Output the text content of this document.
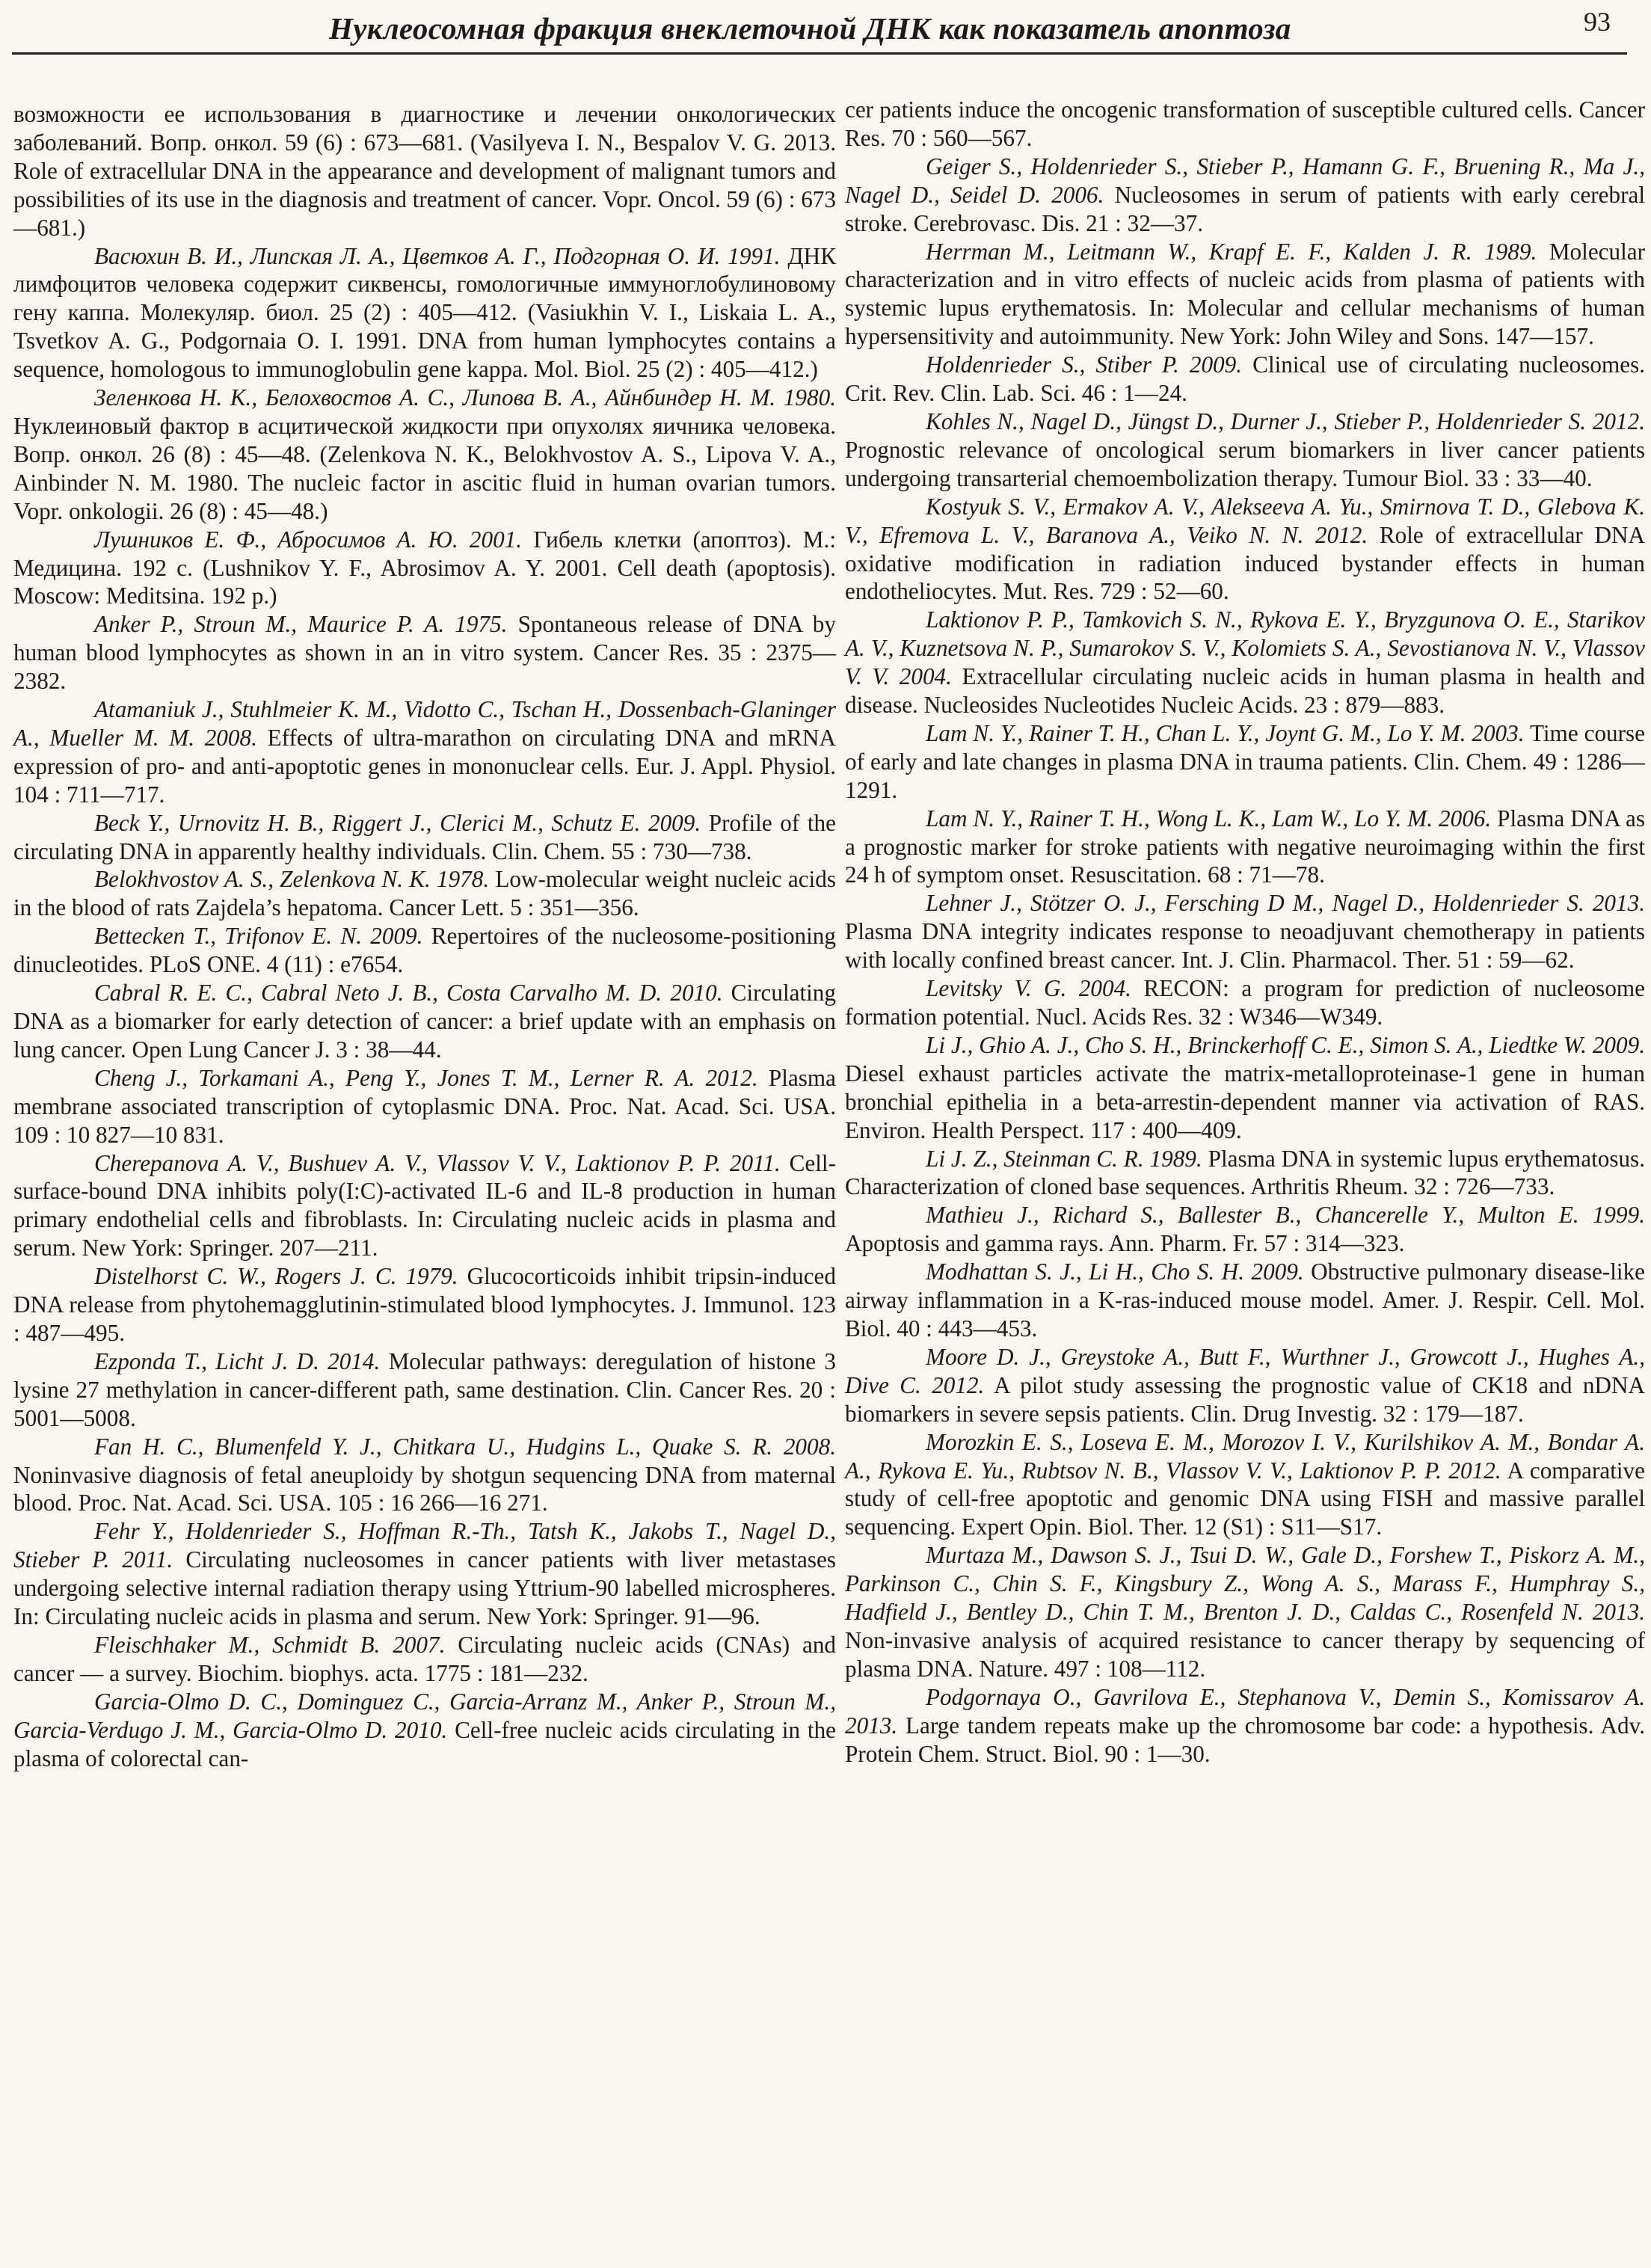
Нуклеосомная фракция внеклеточной ДНК как показатель апоптоза	93

возможности ее использования в диагностике и лечении онкологических заболеваний. Вопр. онкол. 59 (6) : 673—681. (Vasilyeva I. N., Bespalov V. G. 2013. Role of extracellular DNA in the appearance and development of malignant tumors and possibilities of its use in the diagnosis and treatment of cancer. Vopr. Oncol. 59 (6) : 673—681.)

Васюхин В. И., Липская Л. А., Цветков А. Г., Подгорная О. И. 1991. ДНК лимфоцитов человека содержит сиквенсы, гомологичные иммуноглобулиновому гену каппа. Молекуляр. биол. 25 (2) : 405—412. (Vasiukhin V. I., Liskaia L. A., Tsvetkov A. G., Podgornaia O. I. 1991. DNA from human lymphocytes contains a sequence, homologous to immunoglobulin gene kappa. Mol. Biol. 25 (2) : 405—412.)

Зеленкова Н. К., Белохвостов А. С., Липова В. А., Айнбиндер Н. М. 1980. Нуклеиновый фактор в асцитической жидкости при опухолях яичника человека. Вопр. онкол. 26 (8) : 45—48. (Zelenkova N. K., Belokhvostov A. S., Lipova V. A., Ainbinder N. M. 1980. The nucleic factor in ascitic fluid in human ovarian tumors. Vopr. onkologii. 26 (8) : 45—48.)

Лушников Е. Ф., Абросимов А. Ю. 2001. Гибель клетки (апоптоз). М.: Медицина. 192 с. (Lushnikov Y. F., Abrosimov A. Y. 2001. Cell death (apoptosis). Moscow: Meditsina. 192 p.)

Anker P., Stroun M., Maurice P. A. 1975. Spontaneous release of DNA by human blood lymphocytes as shown in an in vitro system. Cancer Res. 35 : 2375—2382.

Atamaniuk J., Stuhlmeier K. M., Vidotto C., Tschan H., Dossenbach-Glaninger A., Mueller M. M. 2008. Effects of ultra-marathon on circulating DNA and mRNA expression of pro- and anti-apoptotic genes in mononuclear cells. Eur. J. Appl. Physiol. 104 : 711—717.

Beck Y., Urnovitz H. B., Riggert J., Clerici M., Schutz E. 2009. Profile of the circulating DNA in apparently healthy individuals. Clin. Chem. 55 : 730—738.

Belokhvostov A. S., Zelenkova N. K. 1978. Low-molecular weight nucleic acids in the blood of rats Zajdela’s hepatoma. Cancer Lett. 5 : 351—356.

Bettecken T., Trifonov E. N. 2009. Repertoires of the nucleosome-positioning dinucleotides. PLoS ONE. 4 (11) : e7654.

Cabral R. E. C., Cabral Neto J. B., Costa Carvalho M. D. 2010. Circulating DNA as a biomarker for early detection of cancer: a brief update with an emphasis on lung cancer. Open Lung Cancer J. 3 : 38—44.

Cheng J., Torkamani A., Peng Y., Jones T. M., Lerner R. A. 2012. Plasma membrane associated transcription of cytoplasmic DNA. Proc. Nat. Acad. Sci. USA. 109 : 10 827—10 831.

Cherepanova A. V., Bushuev A. V., Vlassov V. V., Laktionov P. P. 2011. Cell-surface-bound DNA inhibits poly(I:C)-activated IL-6 and IL-8 production in human primary endothelial cells and fibroblasts. In: Circulating nucleic acids in plasma and serum. New York: Springer. 207—211.

Distelhorst C. W., Rogers J. C. 1979. Glucocorticoids inhibit tripsin-induced DNA release from phytohemagglutinin-stimulated blood lymphocytes. J. Immunol. 123 : 487—495.

Ezponda T., Licht J. D. 2014. Molecular pathways: deregulation of histone 3 lysine 27 methylation in cancer-different path, same destination. Clin. Cancer Res. 20 : 5001—5008.

Fan H. C., Blumenfeld Y. J., Chitkara U., Hudgins L., Quake S. R. 2008. Noninvasive diagnosis of fetal aneuploidy by shotgun sequencing DNA from maternal blood. Proc. Nat. Acad. Sci. USA. 105 : 16 266—16 271.

Fehr Y., Holdenrieder S., Hoffman R.-Th., Tatsh K., Jakobs T., Nagel D., Stieber P. 2011. Circulating nucleosomes in cancer patients with liver metastases undergoing selective internal radiation therapy using Yttrium-90 labelled microspheres. In: Circulating nucleic acids in plasma and serum. New York: Springer. 91—96.

Fleischhaker M., Schmidt B. 2007. Circulating nucleic acids (CNAs) and cancer — a survey. Biochim. biophys. acta. 1775 : 181—232.

Garcia-Olmo D. C., Dominguez C., Garcia-Arranz M., Anker P., Stroun M., Garcia-Verdugo J. M., Garcia-Olmo D. 2010. Cell-free nucleic acids circulating in the plasma of colorectal can-

cer patients induce the oncogenic transformation of susceptible cultured cells. Cancer Res. 70 : 560—567.

Geiger S., Holdenrieder S., Stieber P., Hamann G. F., Bruening R., Ma J., Nagel D., Seidel D. 2006. Nucleosomes in serum of patients with early cerebral stroke. Cerebrovasc. Dis. 21 : 32—37.

Herrman M., Leitmann W., Krapf E. F., Kalden J. R. 1989. Molecular characterization and in vitro effects of nucleic acids from plasma of patients with systemic lupus erythematosis. In: Molecular and cellular mechanisms of human hypersensitivity and autoimmunity. New York: John Wiley and Sons. 147—157.

Holdenrieder S., Stiber P. 2009. Clinical use of circulating nucleosomes. Crit. Rev. Clin. Lab. Sci. 46 : 1—24.

Kohles N., Nagel D., Jüngst D., Durner J., Stieber P., Holdenrieder S. 2012. Prognostic relevance of oncological serum biomarkers in liver cancer patients undergoing transarterial chemoembolization therapy. Tumour Biol. 33 : 33—40.

Kostyuk S. V., Ermakov A. V., Alekseeva A. Yu., Smirnova T. D., Glebova K. V., Efremova L. V., Baranova A., Veiko N. N. 2012. Role of extracellular DNA oxidative modification in radiation induced bystander effects in human endotheliocytes. Mut. Res. 729 : 52—60.

Laktionov P. P., Tamkovich S. N., Rykova E. Y., Bryzgunova O. E., Starikov A. V., Kuznetsova N. P., Sumarokov S. V., Kolomiets S. A., Sevostianova N. V., Vlassov V. V. 2004. Extracellular circulating nucleic acids in human plasma in health and disease. Nucleosides Nucleotides Nucleic Acids. 23 : 879—883.

Lam N. Y., Rainer T. H., Chan L. Y., Joynt G. M., Lo Y. M. 2003. Time course of early and late changes in plasma DNA in trauma patients. Clin. Chem. 49 : 1286—1291.

Lam N. Y., Rainer T. H., Wong L. K., Lam W., Lo Y. M. 2006. Plasma DNA as a prognostic marker for stroke patients with negative neuroimaging within the first 24 h of symptom onset. Resuscitation. 68 : 71—78.

Lehner J., Stötzer O. J., Fersching D M., Nagel D., Holdenrieder S. 2013. Plasma DNA integrity indicates response to neoadjuvant chemotherapy in patients with locally confined breast cancer. Int. J. Clin. Pharmacol. Ther. 51 : 59—62.

Levitsky V. G. 2004. RECON: a program for prediction of nucleosome formation potential. Nucl. Acids Res. 32 : W346—W349.

Li J., Ghio A. J., Cho S. H., Brinckerhoff C. E., Simon S. A., Liedtke W. 2009. Diesel exhaust particles activate the matrix-metalloproteinase-1 gene in human bronchial epithelia in a beta-arrestin-dependent manner via activation of RAS. Environ. Health Perspect. 117 : 400—409.

Li J. Z., Steinman C. R. 1989. Plasma DNA in systemic lupus erythematosus. Characterization of cloned base sequences. Arthritis Rheum. 32 : 726—733.

Mathieu J., Richard S., Ballester B., Chancerelle Y., Multon E. 1999. Apoptosis and gamma rays. Ann. Pharm. Fr. 57 : 314—323.

Modhattan S. J., Li H., Cho S. H. 2009. Obstructive pulmonary disease-like airway inflammation in a K-ras-induced mouse model. Amer. J. Respir. Cell. Mol. Biol. 40 : 443—453.

Moore D. J., Greystoke A., Butt F., Wurthner J., Growcott J., Hughes A., Dive C. 2012. A pilot study assessing the prognostic value of CK18 and nDNA biomarkers in severe sepsis patients. Clin. Drug Investig. 32 : 179—187.

Morozkin E. S., Loseva E. M., Morozov I. V., Kurilshikov A. M., Bondar A. A., Rykova E. Yu., Rubtsov N. B., Vlassov V. V., Laktionov P. P. 2012. A comparative study of cell-free apoptotic and genomic DNA using FISH and massive parallel sequencing. Expert Opin. Biol. Ther. 12 (S1) : S11—S17.

Murtaza M., Dawson S. J., Tsui D. W., Gale D., Forshew T., Piskorz A. M., Parkinson C., Chin S. F., Kingsbury Z., Wong A. S., Marass F., Humphray S., Hadfield J., Bentley D., Chin T. M., Brenton J. D., Caldas C., Rosenfeld N. 2013. Non-invasive analysis of acquired resistance to cancer therapy by sequencing of plasma DNA. Nature. 497 : 108—112.

Podgornaya O., Gavrilova E., Stephanova V., Demin S., Komissarov A. 2013. Large tandem repeats make up the chromosome bar code: a hypothesis. Adv. Protein Chem. Struct. Biol. 90 : 1—30.
